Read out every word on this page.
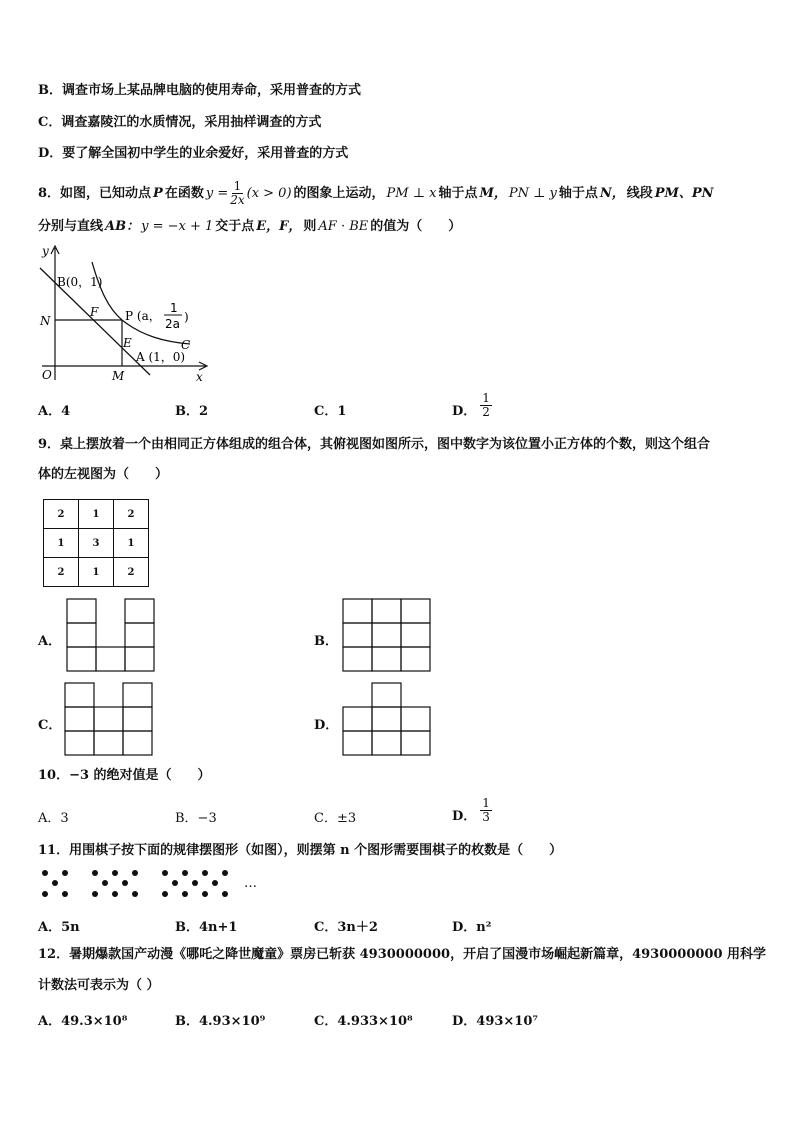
B．调查市场上某品牌电脑的使用寿命，采用普查的方式
C．调查嘉陵江的水质情况，采用抽样调查的方式
D．要了解全国初中学生的业余爱好，采用普查的方式
8．如图，已知动点 P 在函数 $y = \frac{1}{2x} (x > 0)$ 的图象上运动， PM ⊥ x 轴于点 M， PN ⊥ y 轴于点 N， 线段 PM、PN
分别与直线 AB： y = −x + 1 交于点 E，F， 则 AF · BE 的值为（　　）
y
x
O
B(0，1)
N
F P (a，
1
2a )
C
E
A (1，0)
M
A．4	B．2	C．1	D． $\frac{1}{2}$
9．桌上摆放着一个由相同正方体组成的组合体，其俯视图如图所示，图中数字为该位置小正方体的个数，则这个组合
体的左视图为（　　）
2	1	2
1	3	1
2	1	2
A．	B．
C．	D．
10．−3 的绝对值是（　　）
A．3	B．−3	C．±3	D． $\frac{1}{3}$
11．用围棋子按下面的规律摆图形（如图），则摆第 n 个图形需要围棋子的枚数是（　　）
…
A．5n	B．4n+1	C．3n＋2	D．n²
12．暑期爆款国产动漫《哪吒之降世魔童》票房已斩获 4930000000，开启了国漫市场崛起新篇章，4930000000 用科学
计数法可表示为（ ）
A．49.3×10⁸	B．4.93×10⁹	C．4.933×10⁸	D．493×10⁷
